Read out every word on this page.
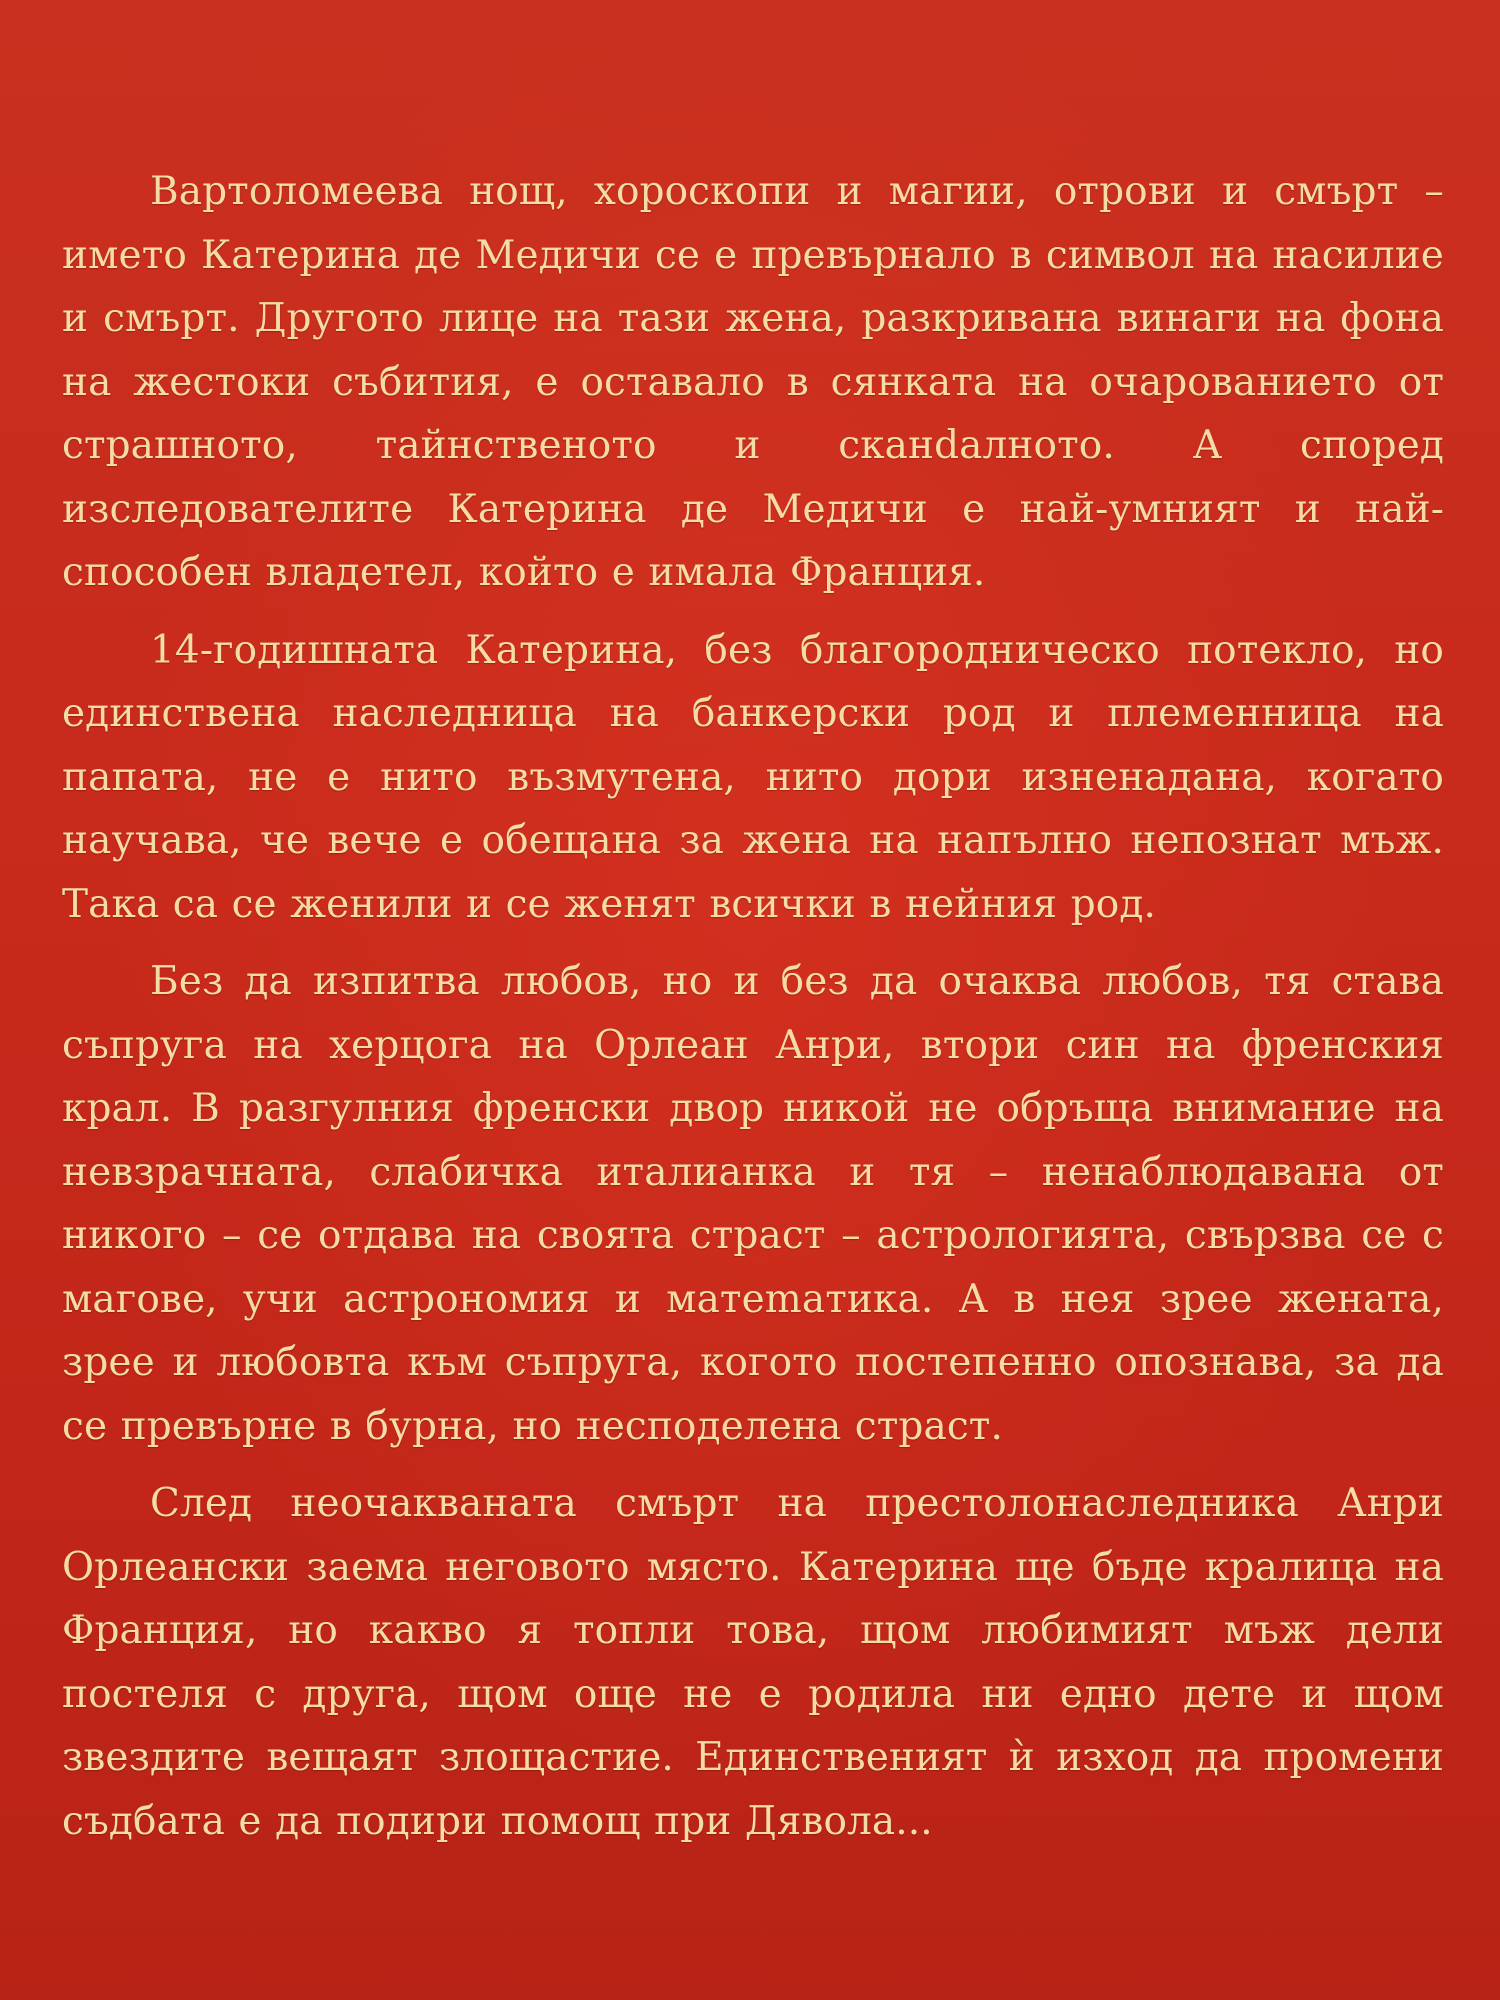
Вартоломеева нощ, хороскопи и магии, отрови и смърт – името Катерина де Медичи се е превърнало в символ на насилие и смърт. Другото лице на тази жена, разкривана винаги на фона на жестоки събития, е оставало в сянката на очарованието от страшното, тайнственото и сканdалното. А според изследователите Катерина де Медичи е най-умният и най-способен владетел, който е имала Франция.

14-годишната Катерина, без благородническо потекло, но единствена наследница на банкерски род и племенница на папата, не е нито възмутена, нито дори изненадана, когато научава, че вече е обещана за жена на напълно непознат мъж. Така са се женили и се женят всички в нейния род.

Без да изпитва любов, но и без да очаква любов, тя става съпруга на херцога на Орлеан Анри, втори син на френския крал. В разгулния френски двор никой не обръща внимание на невзрачната, слабичка италианка и тя – ненаблюдавана от никого – се отдава на своята страст – астрологията, свързва се с магове, учи астрономия и матеmатика. А в нея зрее жената, зрее и любовта към съпруга, когото постепенно опознава, за да се превърне в бурна, но несподелена страст.

След неочакваната смърт на престолонаследника Анри Орлеански заема неговото място. Катерина ще бъде кралица на Франция, но какво я топли това, щом любимият мъж дели постеля с друга, щом още не е родила ни едно дете и щом звездите вещаят злощастие. Единственият ѝ изход да промени съдбата е да подири помощ при Дявола...
